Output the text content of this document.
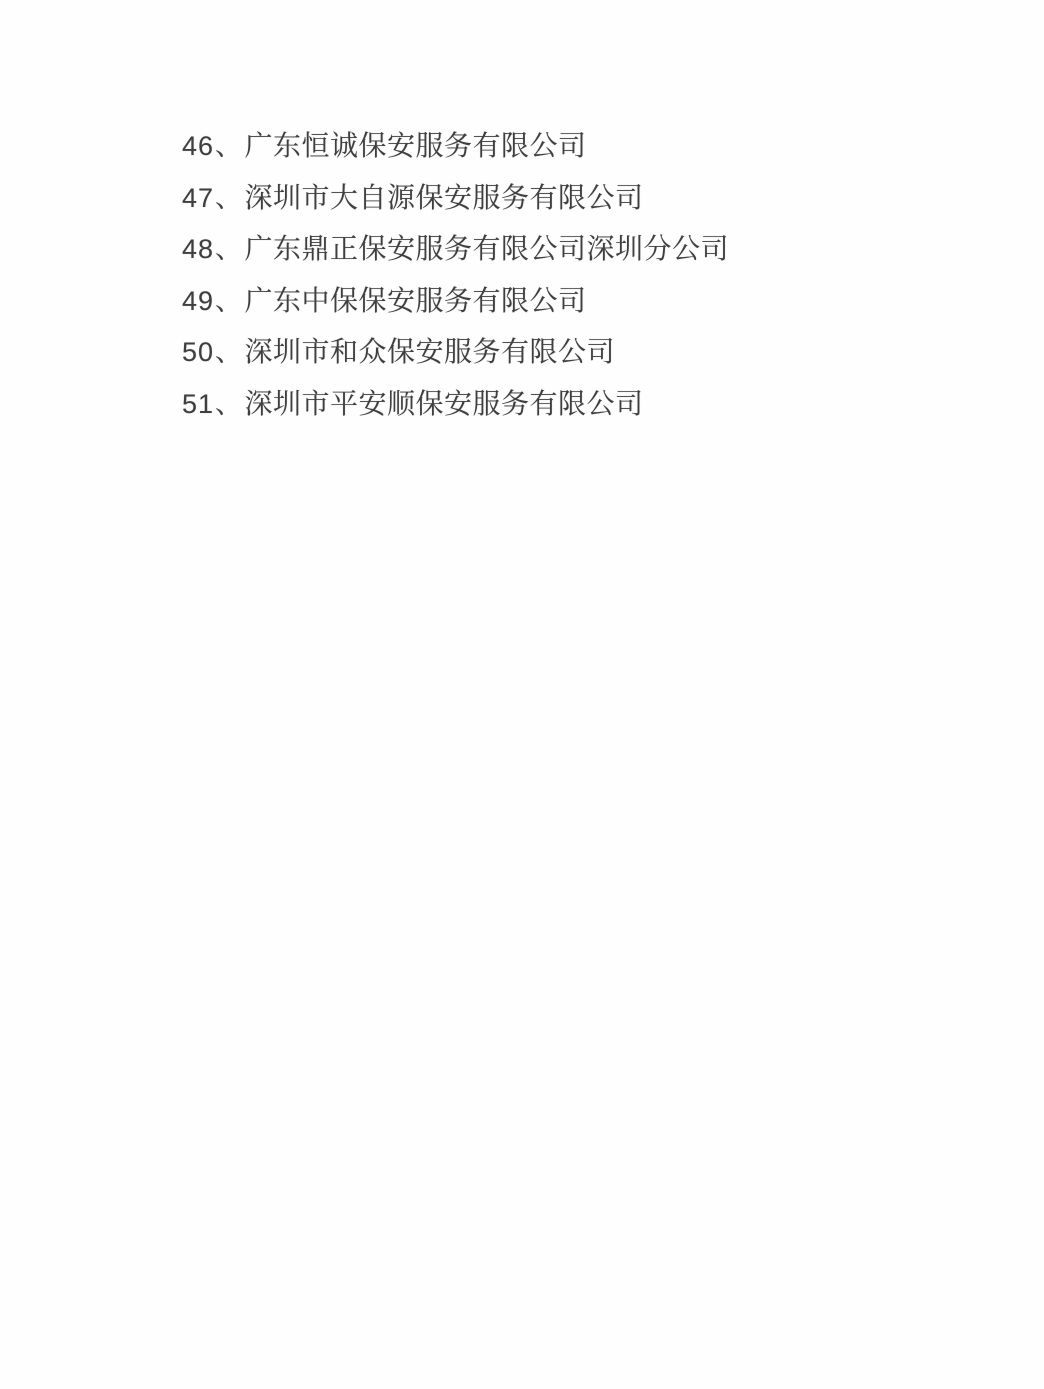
46、广东恒诚保安服务有限公司
47、深圳市大自源保安服务有限公司
48、广东鼎正保安服务有限公司深圳分公司
49、广东中保保安服务有限公司
50、深圳市和众保安服务有限公司
51、深圳市平安顺保安服务有限公司
